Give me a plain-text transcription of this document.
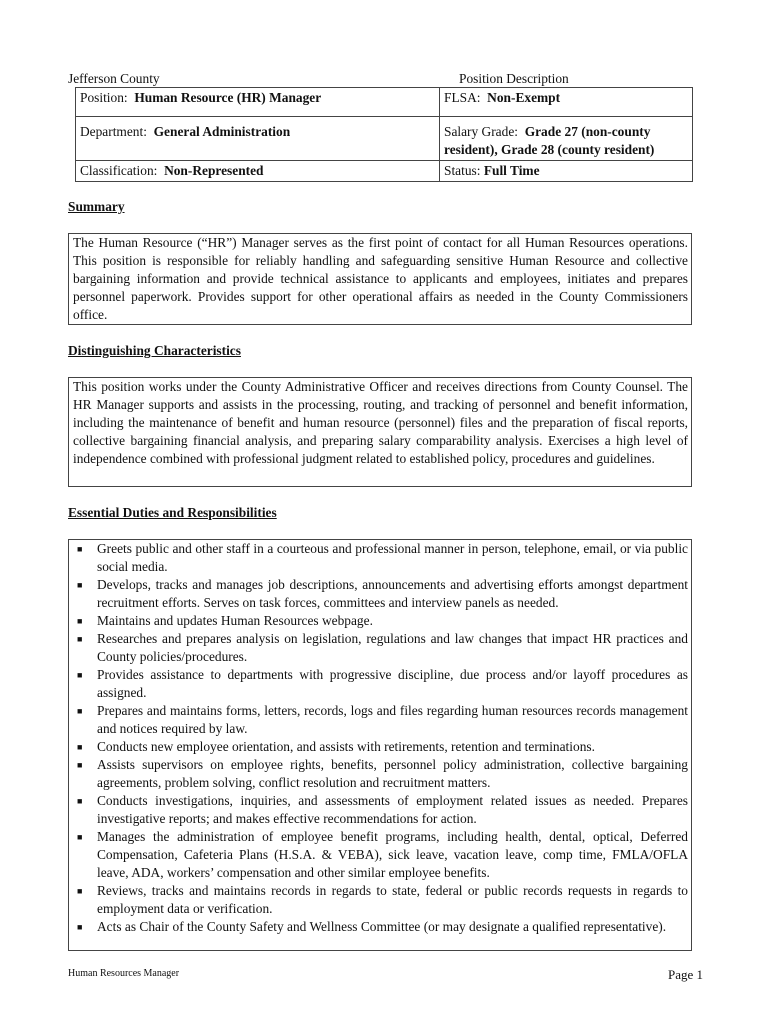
Jefferson County	Position Description
Position: Human Resource (HR) Manager	FLSA: Non-Exempt
Department: General Administration	Salary Grade: Grade 27 (non-county resident), Grade 28 (county resident)
Classification: Non-Represented	Status: Full Time
Summary
The Human Resource (“HR”) Manager serves as the first point of contact for all Human Resources operations. This position is responsible for reliably handling and safeguarding sensitive Human Resource and collective bargaining information and provide technical assistance to applicants and employees, initiates and prepares personnel paperwork. Provides support for other operational affairs as needed in the County Commissioners office.
Distinguishing Characteristics
This position works under the County Administrative Officer and receives directions from County Counsel. The HR Manager supports and assists in the processing, routing, and tracking of personnel and benefit information, including the maintenance of benefit and human resource (personnel) files and the preparation of fiscal reports, collective bargaining financial analysis, and preparing salary comparability analysis. Exercises a high level of independence combined with professional judgment related to established policy, procedures and guidelines.
Essential Duties and Responsibilities
■ Greets public and other staff in a courteous and professional manner in person, telephone, email, or via public social media.
■ Develops, tracks and manages job descriptions, announcements and advertising efforts amongst department recruitment efforts. Serves on task forces, committees and interview panels as needed.
■ Maintains and updates Human Resources webpage.
■ Researches and prepares analysis on legislation, regulations and law changes that impact HR practices and County policies/procedures.
■ Provides assistance to departments with progressive discipline, due process and/or layoff procedures as assigned.
■ Prepares and maintains forms, letters, records, logs and files regarding human resources records management and notices required by law.
■ Conducts new employee orientation, and assists with retirements, retention and terminations.
■ Assists supervisors on employee rights, benefits, personnel policy administration, collective bargaining agreements, problem solving, conflict resolution and recruitment matters.
■ Conducts investigations, inquiries, and assessments of employment related issues as needed. Prepares investigative reports; and makes effective recommendations for action.
■ Manages the administration of employee benefit programs, including health, dental, optical, Deferred Compensation, Cafeteria Plans (H.S.A. & VEBA), sick leave, vacation leave, comp time, FMLA/OFLA leave, ADA, workers’ compensation and other similar employee benefits.
■ Reviews, tracks and maintains records in regards to state, federal or public records requests in regards to employment data or verification.
■ Acts as Chair of the County Safety and Wellness Committee (or may designate a qualified representative).
Human Resources Manager	Page 1
